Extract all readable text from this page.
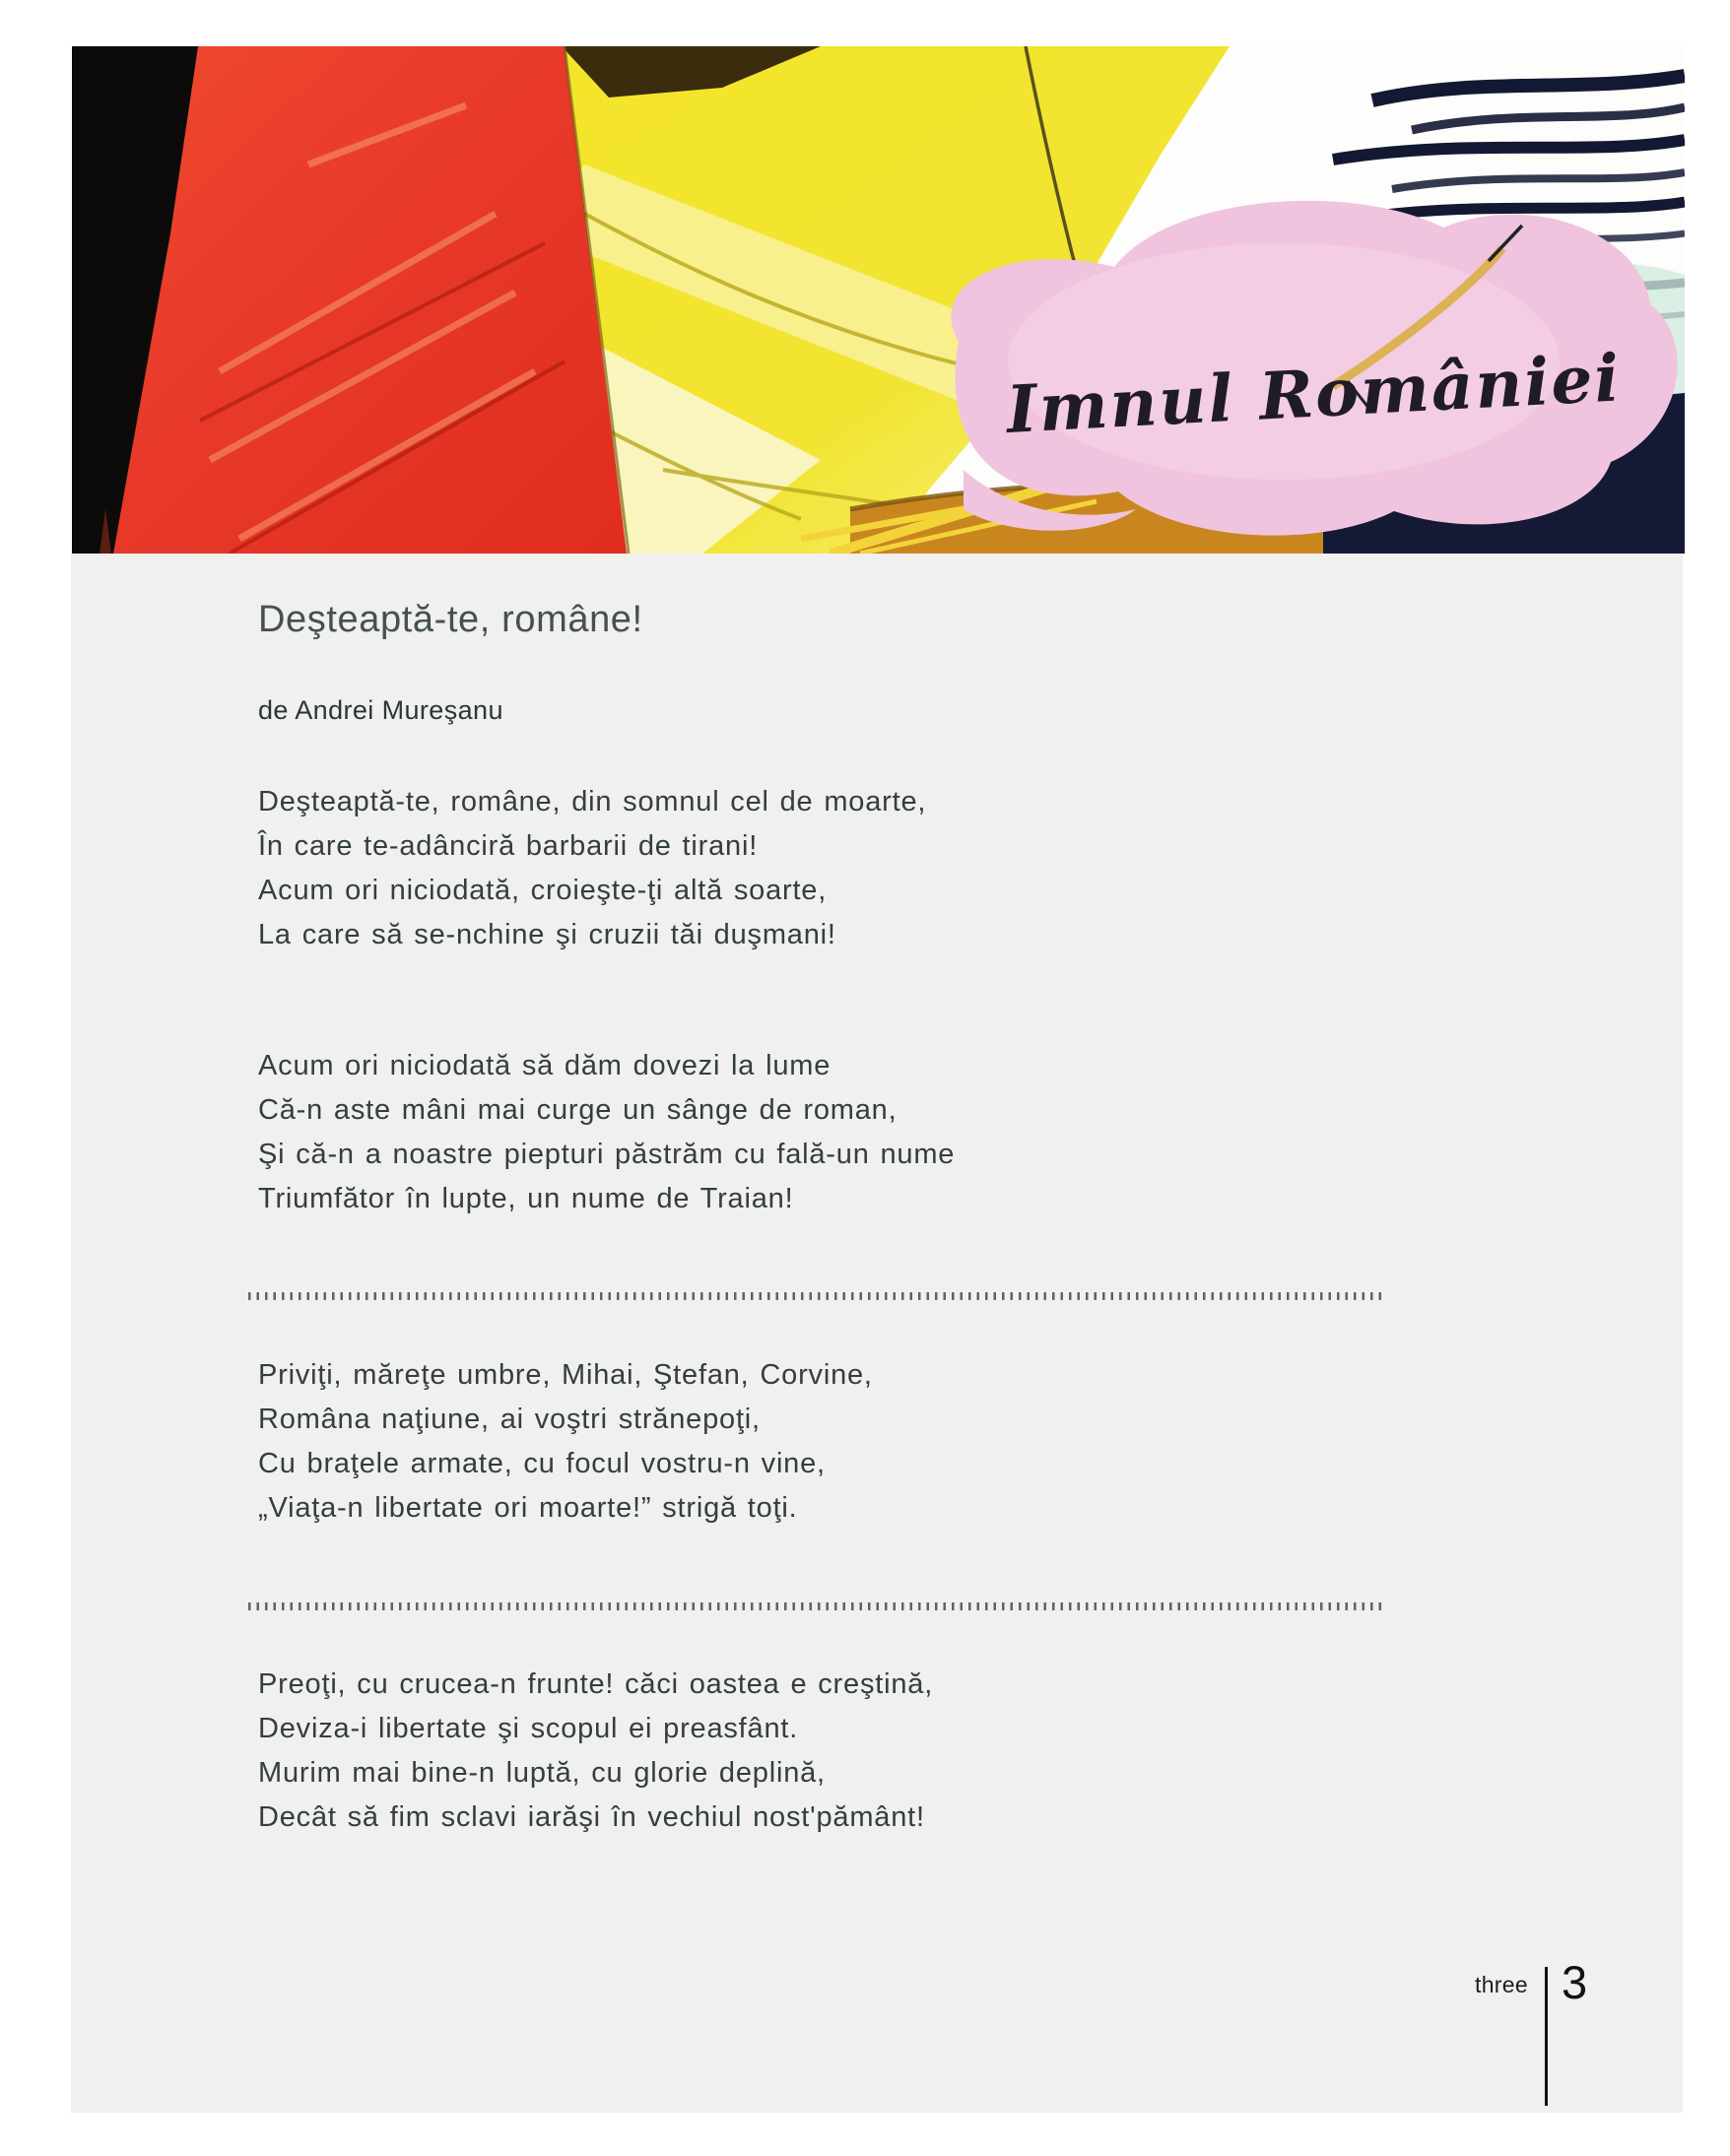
Imnul României
Deşteaptă-te, române!
de Andrei Mureşanu

Deşteaptă-te, române, din somnul cel de moarte,

În care te-adânciră barbarii de tirani!

Acum ori niciodată, croieşte-ţi altă soarte,

La care să se-nchine şi cruzii tăi duşmani!

Acum ori niciodată să dăm dovezi la lume

Că-n aste mâni mai curge un sânge de roman,

Şi că-n a noastre piepturi păstrăm cu fală-un nume

Triumfător în lupte, un nume de Traian!

Priviţi, măreţe umbre, Mihai, Ştefan, Corvine,

Româna naţiune, ai voştri strănepoţi,

Cu braţele armate, cu focul vostru-n vine,

„Viaţa-n libertate ori moarte!” strigă toţi.

Preoţi, cu crucea-n frunte! căci oastea e creştină,

Deviza-i libertate şi scopul ei preasfânt.

Murim mai bine-n luptă, cu glorie deplină,

Decât să fim sclavi iarăşi în vechiul nost'pământ!

three 3
